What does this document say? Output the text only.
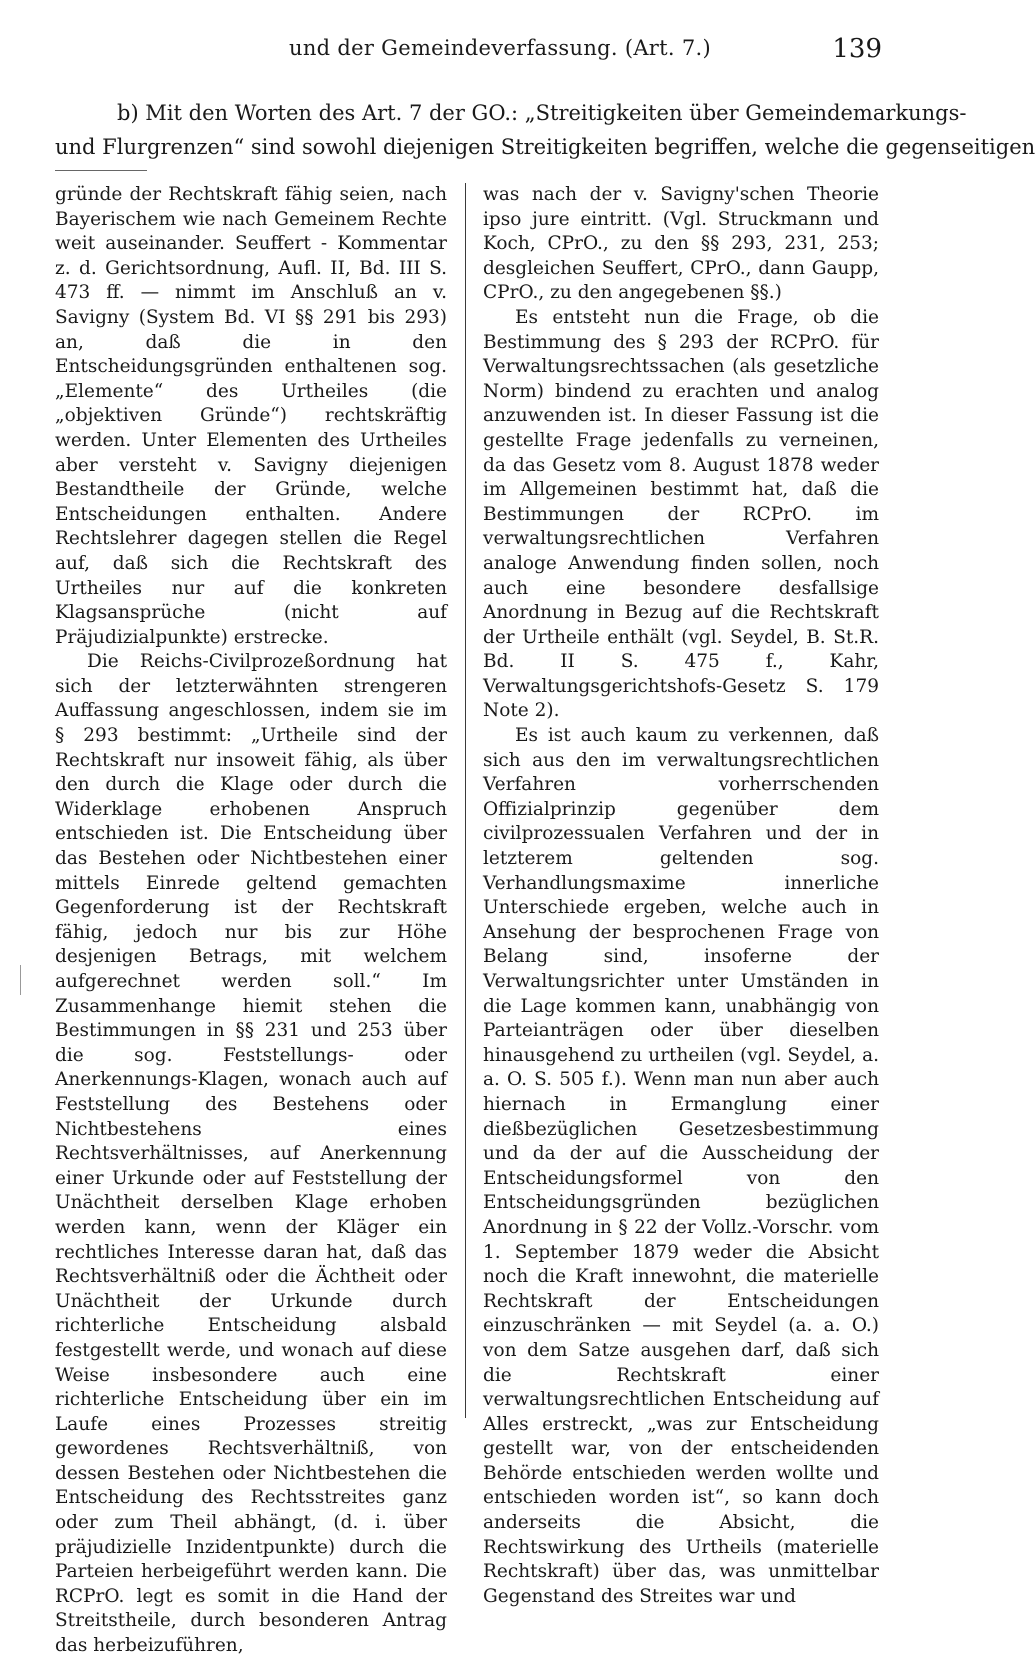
und der Gemeindeverfassung. (Art. 7.)	139
b) Mit den Worten des Art. 7 der GO.: „Streitigkeiten über Gemeindemarkungs-
und Flurgrenzen“ sind sowohl diejenigen Streitigkeiten begriffen, welche die gegenseitigen

gründe der Rechtskraft fähig seien, nach Bayerischem wie nach Gemeinem Rechte weit auseinander. Seuffert - Kommentar z. d. Gerichtsordnung, Aufl. II, Bd. III S. 473 ff. — nimmt im Anschluß an v. Savigny (System Bd. VI §§ 291 bis 293) an, daß die in den Entscheidungsgründen enthaltenen sog. „Elemente“ des Urtheiles (die „objektiven Gründe“) rechtskräftig werden. Unter Elementen des Urtheiles aber versteht v. Savigny diejenigen Bestandtheile der Gründe, welche Entscheidungen enthalten. Andere Rechtslehrer dagegen stellen die Regel auf, daß sich die Rechtskraft des Urtheiles nur auf die konkreten Klagsansprüche (nicht auf Präjudizialpunkte) erstrecke.

Die Reichs-Civilprozeßordnung hat sich der letzterwähnten strengeren Auffassung angeschlossen, indem sie im § 293 bestimmt: „Urtheile sind der Rechtskraft nur insoweit fähig, als über den durch die Klage oder durch die Widerklage erhobenen Anspruch entschieden ist. Die Entscheidung über das Bestehen oder Nichtbestehen einer mittels Einrede geltend gemachten Gegenforderung ist der Rechtskraft fähig, jedoch nur bis zur Höhe desjenigen Betrags, mit welchem aufgerechnet werden soll.“ Im Zusammenhange hiemit stehen die Bestimmungen in §§ 231 und 253 über die sog. Feststellungs- oder Anerkennungs-Klagen, wonach auch auf Feststellung des Bestehens oder Nichtbestehens eines Rechtsverhältnisses, auf Anerkennung einer Urkunde oder auf Feststellung der Unächtheit derselben Klage erhoben werden kann, wenn der Kläger ein rechtliches Interesse daran hat, daß das Rechtsverhältniß oder die Ächtheit oder Unächtheit der Urkunde durch richterliche Entscheidung alsbald festgestellt werde, und wonach auf diese Weise insbesondere auch eine richterliche Entscheidung über ein im Laufe eines Prozesses streitig gewordenes Rechtsverhältniß, von dessen Bestehen oder Nichtbestehen die Entscheidung des Rechtsstreites ganz oder zum Theil abhängt, (d. i. über präjudizielle Inzidentpunkte) durch die Parteien herbeigeführt werden kann. Die RCPrO. legt es somit in die Hand der Streitstheile, durch besonderen Antrag das herbeizuführen,

was nach der v. Savigny'schen Theorie ipso jure eintritt. (Vgl. Struckmann und Koch, CPrO., zu den §§ 293, 231, 253; desgleichen Seuffert, CPrO., dann Gaupp, CPrO., zu den angegebenen §§.)

Es entsteht nun die Frage, ob die Bestimmung des § 293 der RCPrO. für Verwaltungsrechtssachen (als gesetzliche Norm) bindend zu erachten und analog anzuwenden ist. In dieser Fassung ist die gestellte Frage jedenfalls zu verneinen, da das Gesetz vom 8. August 1878 weder im Allgemeinen bestimmt hat, daß die Bestimmungen der RCPrO. im verwaltungsrechtlichen Verfahren analoge Anwendung finden sollen, noch auch eine besondere desfallsige Anordnung in Bezug auf die Rechtskraft der Urtheile enthält (vgl. Seydel, B. St.R. Bd. II S. 475 f., Kahr, Verwaltungsgerichtshofs-Gesetz S. 179 Note 2).

Es ist auch kaum zu verkennen, daß sich aus den im verwaltungsrechtlichen Verfahren vorherrschenden Offizialprinzip gegenüber dem civilprozessualen Verfahren und der in letzterem geltenden sog. Verhandlungsmaxime innerliche Unterschiede ergeben, welche auch in Ansehung der besprochenen Frage von Belang sind, insoferne der Verwaltungsrichter unter Umständen in die Lage kommen kann, unabhängig von Parteianträgen oder über dieselben hinausgehend zu urtheilen (vgl. Seydel, a. a. O. S. 505 f.). Wenn man nun aber auch hiernach in Ermanglung einer dießbezüglichen Gesetzesbestimmung und da der auf die Ausscheidung der Entscheidungsformel von den Entscheidungsgründen bezüglichen Anordnung in § 22 der Vollz.-Vorschr. vom 1. September 1879 weder die Absicht noch die Kraft innewohnt, die materielle Rechtskraft der Entscheidungen einzuschränken — mit Seydel (a. a. O.) von dem Satze ausgehen darf, daß sich die Rechtskraft einer verwaltungsrechtlichen Entscheidung auf Alles erstreckt, „was zur Entscheidung gestellt war, von der entscheidenden Behörde entschieden werden wollte und entschieden worden ist“, so kann doch anderseits die Absicht, die Rechtswirkung des Urtheils (materielle Rechtskraft) über das, was unmittelbar Gegenstand des Streites war und
